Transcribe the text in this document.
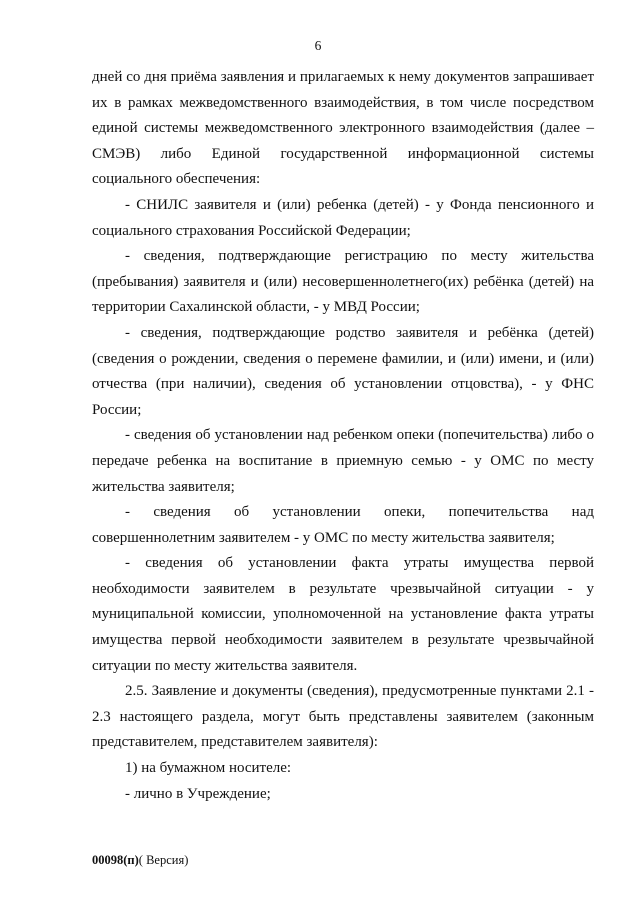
6

дней со дня приёма заявления и прилагаемых к нему документов запрашивает их в рамках межведомственного взаимодействия, в том числе посредством единой системы межведомственного электронного взаимодействия (далее – СМЭВ) либо Единой государственной информационной системы социального обеспечения:

- СНИЛС заявителя и (или) ребенка (детей) - у Фонда пенсионного и социального страхования Российской Федерации;

- сведения, подтверждающие регистрацию по месту жительства (пребывания) заявителя и (или) несовершеннолетнего(их) ребёнка (детей) на территории Сахалинской области, - у МВД России;

- сведения, подтверждающие родство заявителя и ребёнка (детей) (сведения о рождении, сведения о перемене фамилии, и (или) имени, и (или) отчества (при наличии), сведения об установлении отцовства), - у ФНС России;

- сведения об установлении над ребенком опеки (попечительства) либо о передаче ребенка на воспитание в приемную семью - у ОМС по месту жительства заявителя;

- сведения об установлении опеки, попечительства над совершеннолетним заявителем - у ОМС по месту жительства заявителя;

- сведения об установлении факта утраты имущества первой необходимости заявителем в результате чрезвычайной ситуации - у муниципальной комиссии, уполномоченной на установление факта утраты имущества первой необходимости заявителем в результате чрезвычайной ситуации по месту жительства заявителя.

2.5. Заявление и документы (сведения), предусмотренные пунктами 2.1 - 2.3 настоящего раздела, могут быть представлены заявителем (законным представителем, представителем заявителя):

1) на бумажном носителе:

- лично в Учреждение;

00098(п)( Версия)
